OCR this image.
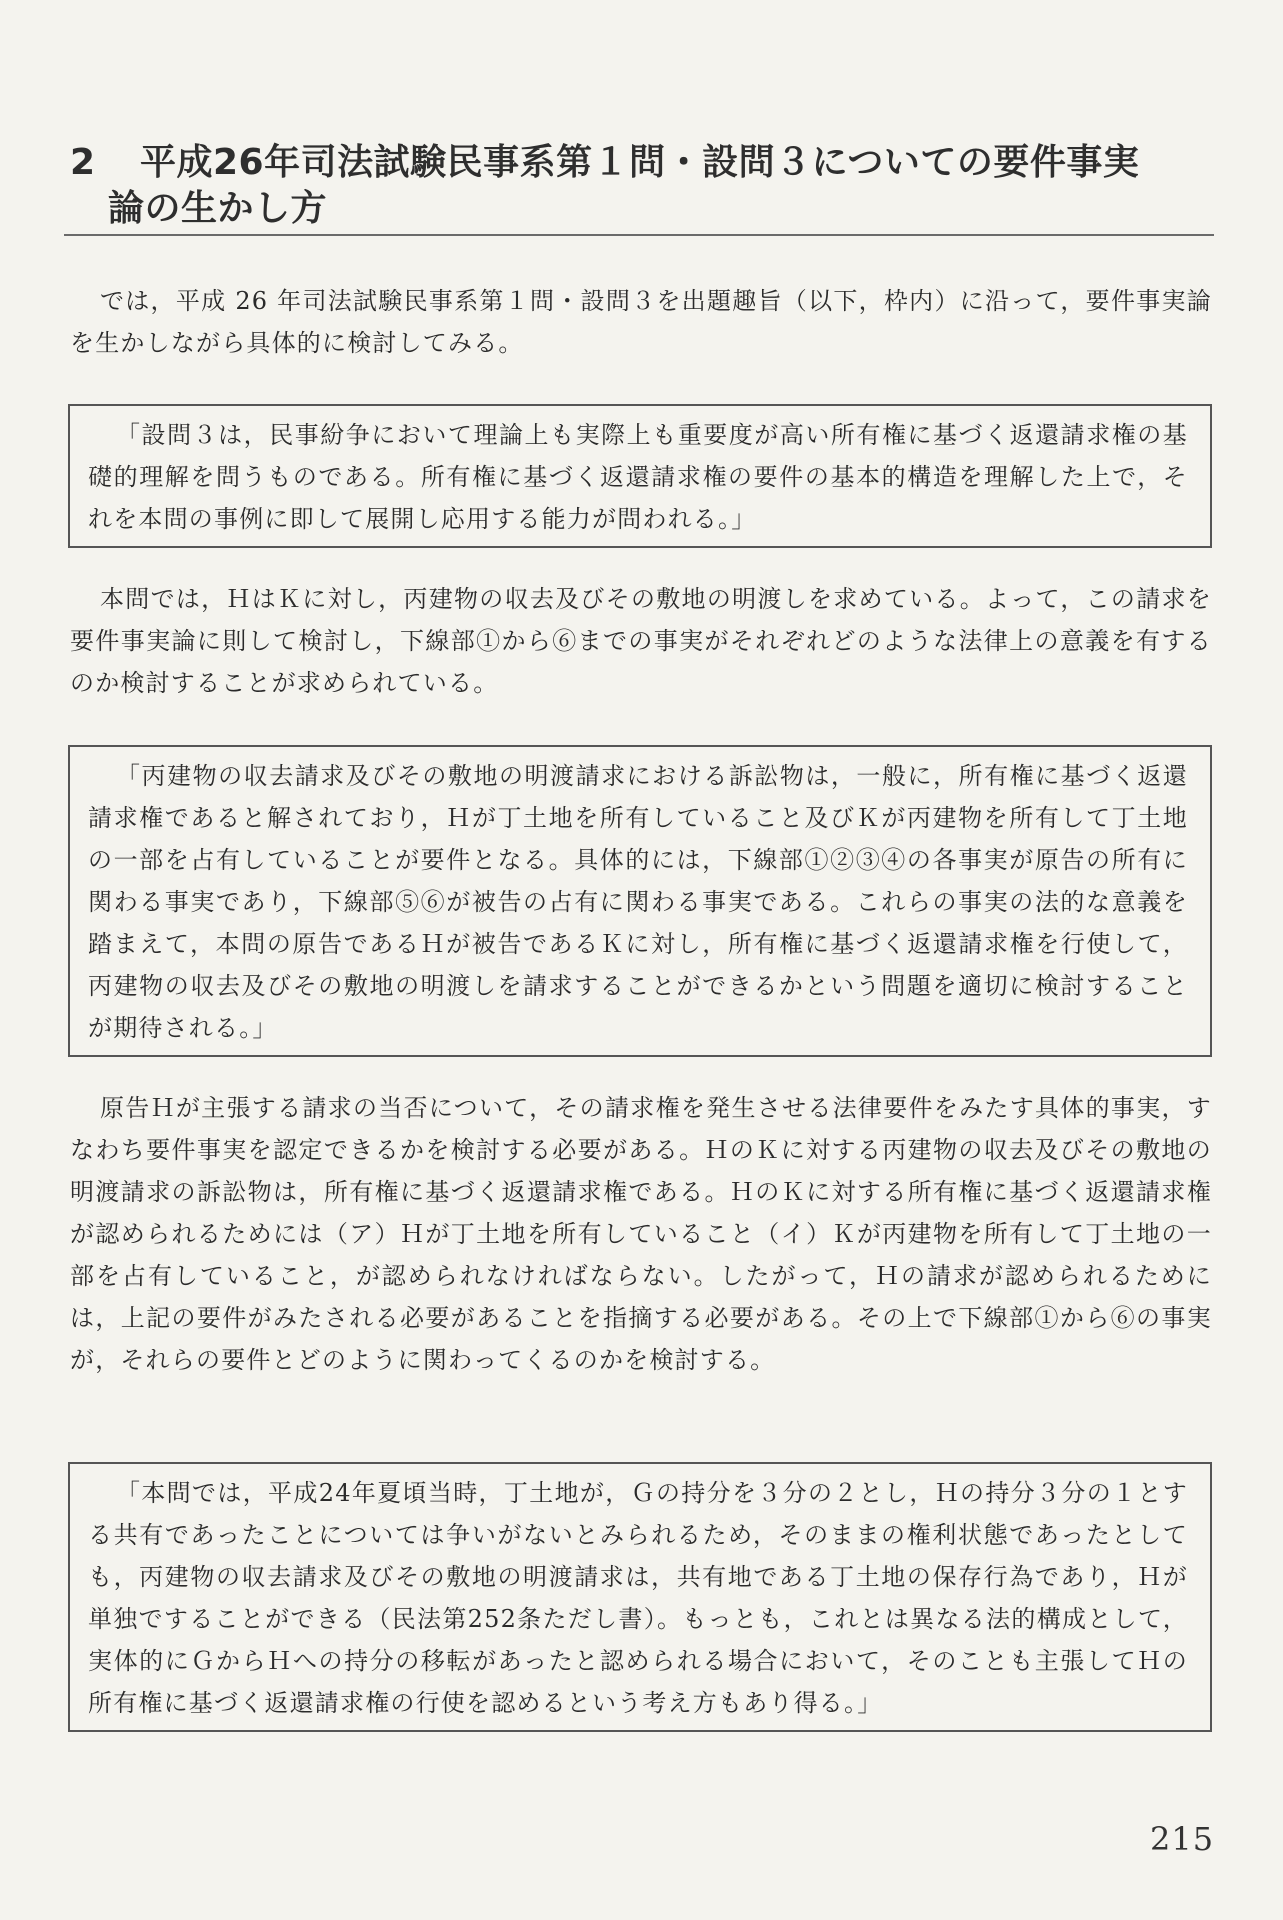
2 平成26年司法試験民事系第１問・設問３についての要件事実
論の生かし方

では，平成 26 年司法試験民事系第１問・設問３を出題趣旨（以下，枠内）に沿って，要件事実論を生かしながら具体的に検討してみる。

「設問３は，民事紛争において理論上も実際上も重要度が高い所有権に基づく返還請求権の基礎的理解を問うものである。所有権に基づく返還請求権の要件の基本的構造を理解した上で，それを本問の事例に即して展開し応用する能力が問われる。」

本問では，ＨはＫに対し，丙建物の収去及びその敷地の明渡しを求めている。よって，この請求を要件事実論に則して検討し，下線部①から⑥までの事実がそれぞれどのような法律上の意義を有するのか検討することが求められている。

「丙建物の収去請求及びその敷地の明渡請求における訴訟物は，一般に，所有権に基づく返還請求権であると解されており，Ｈが丁土地を所有していること及びＫが丙建物を所有して丁土地の一部を占有していることが要件となる。具体的には，下線部①②③④の各事実が原告の所有に関わる事実であり，下線部⑤⑥が被告の占有に関わる事実である。これらの事実の法的な意義を踏まえて，本問の原告であるＨが被告であるＫに対し，所有権に基づく返還請求権を行使して，丙建物の収去及びその敷地の明渡しを請求することができるかという問題を適切に検討することが期待される。」

原告Ｈが主張する請求の当否について，その請求権を発生させる法律要件をみたす具体的事実，すなわち要件事実を認定できるかを検討する必要がある。ＨのＫに対する丙建物の収去及びその敷地の明渡請求の訴訟物は，所有権に基づく返還請求権である。ＨのＫに対する所有権に基づく返還請求権が認められるためには（ア）Ｈが丁土地を所有していること（イ）Ｋが丙建物を所有して丁土地の一部を占有していること，が認められなければならない。したがって，Ｈの請求が認められるためには，上記の要件がみたされる必要があることを指摘する必要がある。その上で下線部①から⑥の事実が，それらの要件とどのように関わってくるのかを検討する。

「本問では，平成24年夏頃当時，丁土地が，Ｇの持分を３分の２とし，Ｈの持分３分の１とする共有であったことについては争いがないとみられるため，そのままの権利状態であったとしても，丙建物の収去請求及びその敷地の明渡請求は，共有地である丁土地の保存行為であり，Ｈが単独ですることができる（民法第252条ただし書）。もっとも，これとは異なる法的構成として，実体的にＧからＨへの持分の移転があったと認められる場合において，そのことも主張してＨの所有権に基づく返還請求権の行使を認めるという考え方もあり得る。」
215
